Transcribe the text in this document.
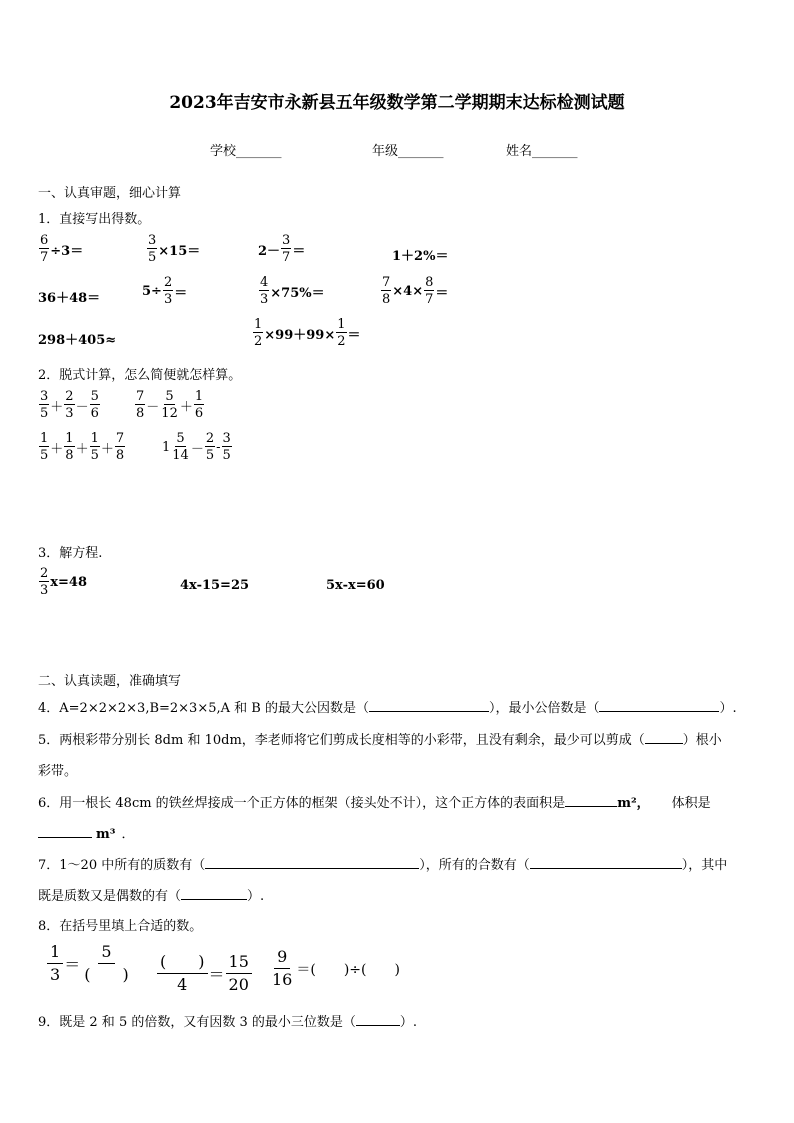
2023年吉安市永新县五年级数学第二学期期末达标检测试题
学校_______	年级_______	姓名_______
一、认真审题，细心计算
1．直接写出得数。
$\frac{6}{7} \div 3=$	$\frac{3}{5} \times 15=$	$2- \frac{3}{7}$ ＝	1＋2%＝
36＋48＝	$5\div \frac{2}{3}$ ＝	$\frac{4}{3} \times 75\%=$	$\frac{7}{8} \times 4\times \frac{8}{7}$ ＝
298＋405≈	$\frac{1}{2} \times 99+99\times \frac{1}{2}$ ＝
2．脱式计算，怎么简便就怎样算。
$\frac{3}{5} + \frac{2}{3} - \frac{5}{6}$	$\frac{7}{8} - \frac{5}{12} + \frac{1}{6}$
$\frac{1}{5} + \frac{1}{8} + \frac{1}{5} + \frac{7}{8}$	$1 \frac{5}{14} - \frac{2}{5} - \frac{3}{5}$
3．解方程.
$\frac{2}{3} x=48$	4x-15=25	5x-x=60
二、认真读题，准确填写
4．A=2×2×2×3,B=2×3×5,A 和 B 的最大公因数是（	），最小公倍数是（	）.
5．两根彩带分别长 8dm 和 10dm，李老师将它们剪成长度相等的小彩带，且没有剩余，最少可以剪成（	）根小
彩带。
6．用一根长 48cm 的铁丝焊接成一个正方体的框架（接头处不计），这个正方体的表面积是	m²， 体积是
m³ ．
7．1～20 中所有的质数有（	），所有的合数有（	），其中
既是质数又是偶数的有（	）.
8．在括号里填上合适的数。
$\frac{1}{3} = \frac{5}{( )} \frac{( )}{4} = \frac{15}{20} \frac{9}{16}$ ＝(　　)÷(　　)
9．既是 2 和 5 的倍数，又有因数 3 的最小三位数是（	）.
